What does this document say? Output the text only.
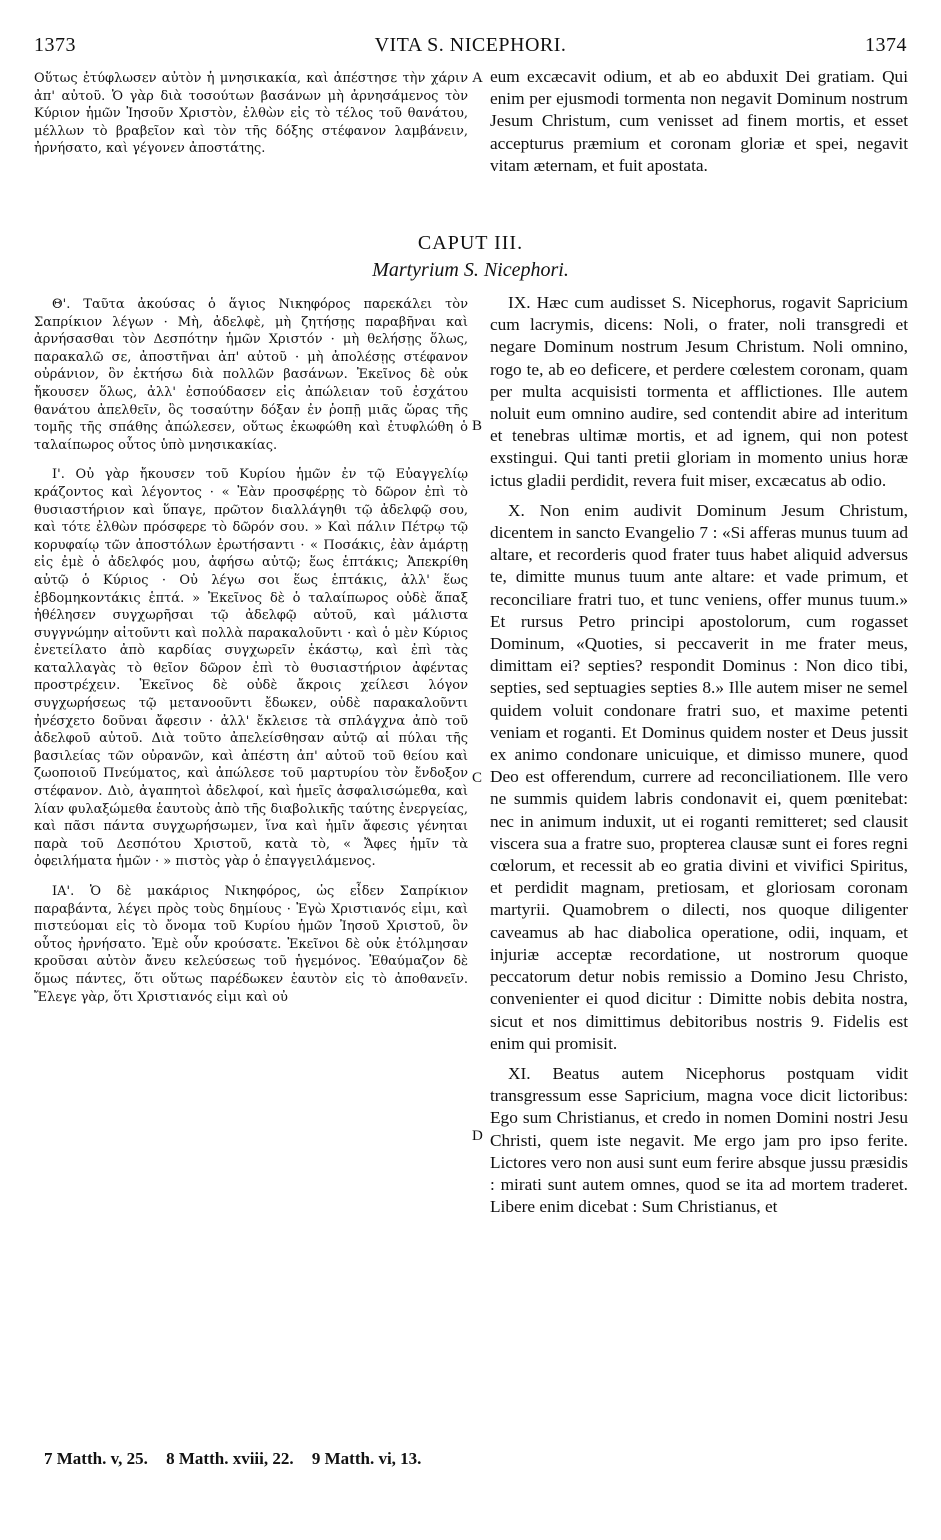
1373	VITA S. NICEPHORI.	1374

Οὕτως ἐτύφλωσεν αὐτὸν ἡ μνησικακία, καὶ ἀπέστησε τὴν χάριν ἀπ' αὐτοῦ. Ὁ γὰρ διὰ τοσούτων βασάνων μὴ ἀρνησάμενος τὸν Κύριον ἡμῶν Ἰησοῦν Χριστὸν, ἐλθὼν εἰς τὸ τέλος τοῦ θανάτου, μέλλων τὸ βραβεῖον καὶ τὸν τῆς δόξης στέφανον λαμβάνειν, ἠρνήσατο, καὶ γέγονεν ἀποστάτης.

eum excæcavit odium, et ab eo abduxit Dei gratiam. Qui enim per ejusmodi tormenta non negavit Dominum nostrum Jesum Christum, cum venisset ad finem mortis, et esset accepturus præmium et coronam gloriæ et spei, negavit vitam æternam, et fuit apostata.

CAPUT III.
Martyrium S. Nicephori.

Θ'. Ταῦτα ἀκούσας ὁ ἅγιος Νικηφόρος παρεκάλει τὸν Σαπρίκιον λέγων · Μὴ, ἀδελφὲ, μὴ ζητήσῃς παραβῆναι καὶ ἀρνήσασθαι τὸν Δεσπότην ἡμῶν Χριστόν · μὴ θελήσῃς ὅλως, παρακαλῶ σε, ἀποστῆναι ἀπ' αὐτοῦ · μὴ ἀπολέσῃς στέφανον οὐράνιον, ὃν ἐκτήσω διὰ πολλῶν βασάνων. Ἐκεῖνος δὲ οὐκ ἤκουσεν ὅλως, ἀλλ' ἐσπούδασεν εἰς ἀπώλειαν τοῦ ἐσχάτου θανάτου ἀπελθεῖν, ὃς τοσαύτην δόξαν ἐν ῥοπῇ μιᾶς ὥρας τῆς τομῆς τῆς σπάθης ἀπώλεσεν, οὕτως ἐκωφώθη καὶ ἐτυφλώθη ὁ ταλαίπωρος οὗτος ὑπὸ μνησικακίας.

Ι'. Οὐ γὰρ ἤκουσεν τοῦ Κυρίου ἡμῶν ἐν τῷ Εὐαγγελίῳ κράζοντος καὶ λέγοντος · « Ἐὰν προσφέρῃς τὸ δῶρον ἐπὶ τὸ θυσιαστήριον καὶ ὕπαγε, πρῶτον διαλλάγηθι τῷ ἀδελφῷ σου, καὶ τότε ἐλθὼν πρόσφερε τὸ δῶρόν σου. » Καὶ πάλιν Πέτρῳ τῷ κορυφαίῳ τῶν ἀποστόλων ἐρωτήσαντι · « Ποσάκις, ἐὰν ἁμάρτῃ εἰς ἐμὲ ὁ ἀδελφός μου, ἀφήσω αὐτῷ; ἕως ἑπτάκις; Ἀπεκρίθη αὐτῷ ὁ Κύριος · Οὐ λέγω σοι ἕως ἑπτάκις, ἀλλ' ἕως ἑβδομηκοντάκις ἑπτά. » Ἐκεῖνος δὲ ὁ ταλαίπωρος οὐδὲ ἅπαξ ἠθέλησεν συγχωρῆσαι τῷ ἀδελφῷ αὐτοῦ, καὶ μάλιστα συγγνώμην αἰτοῦντι καὶ πολλὰ παρακαλοῦντι · καὶ ὁ μὲν Κύριος ἐνετείλατο ἀπὸ καρδίας συγχωρεῖν ἑκάστῳ, καὶ ἐπὶ τὰς καταλλαγὰς τὸ θεῖον δῶρον ἐπὶ τὸ θυσιαστήριον ἀφέντας προστρέχειν. Ἐκεῖνος δὲ οὐδὲ ἄκροις χείλεσι λόγον συγχωρήσεως τῷ μετανοοῦντι ἔδωκεν, οὐδὲ παρακαλοῦντι ἠνέσχετο δοῦναι ἄφεσιν · ἀλλ' ἔκλεισε τὰ σπλάγχνα ἀπὸ τοῦ ἀδελφοῦ αὐτοῦ. Διὰ τοῦτο ἀπελείσθησαν αὐτῷ αἱ πύλαι τῆς βασιλείας τῶν οὐρανῶν, καὶ ἀπέστη ἀπ' αὐτοῦ τοῦ θείου καὶ ζωοποιοῦ Πνεύματος, καὶ ἀπώλεσε τοῦ μαρτυρίου τὸν ἔνδοξον στέφανον. Διὸ, ἀγαπητοὶ ἀδελφοί, καὶ ἡμεῖς ἀσφαλισώμεθα, καὶ λίαν φυλαξώμεθα ἑαυτοὺς ἀπὸ τῆς διαβολικῆς ταύτης ἐνεργείας, καὶ πᾶσι πάντα συγχωρήσωμεν, ἵνα καὶ ἡμῖν ἄφεσις γένηται παρὰ τοῦ Δεσπότου Χριστοῦ, κατὰ τὸ, « Ἄφες ἡμῖν τὰ ὀφειλήματα ἡμῶν · » πιστὸς γὰρ ὁ ἐπαγγειλάμενος.

ΙΑ'. Ὁ δὲ μακάριος Νικηφόρος, ὡς εἶδεν Σαπρίκιον παραβάντα, λέγει πρὸς τοὺς δημίους · Ἐγὼ Χριστιανός εἰμι, καὶ πιστεύομαι εἰς τὸ ὄνομα τοῦ Κυρίου ἡμῶν Ἰησοῦ Χριστοῦ, ὃν οὗτος ἠρνήσατο. Ἐμὲ οὖν κρούσατε. Ἐκεῖνοι δὲ οὐκ ἐτόλμησαν κροῦσαι αὐτὸν ἄνευ κελεύσεως τοῦ ἡγεμόνος. Ἐθαύμαζον δὲ ὅμως πάντες, ὅτι οὕτως παρέδωκεν ἑαυτὸν εἰς τὸ ἀποθανεῖν. Ἔλεγε γὰρ, ὅτι Χριστιανός εἰμι καὶ οὐ

IX. Hæc cum audisset S. Nicephorus, rogavit Sapricium cum lacrymis, dicens: Noli, o frater, noli transgredi et negare Dominum nostrum Jesum Christum. Noli omnino, rogo te, ab eo deficere, et perdere cœlestem coronam, quam per multa acquisisti tormenta et afflictiones. Ille autem noluit eum omnino audire, sed contendit abire ad interitum et tenebras ultimæ mortis, et ad ignem, qui non potest exstingui. Qui tanti pretii gloriam in momento unius horæ ictus gladii perdidit, revera fuit miser, excæcatus ab odio.

X. Non enim audivit Dominum Jesum Christum, dicentem in sancto Evangelio 7 : «Si afferas munus tuum ad altare, et recorderis quod frater tuus habet aliquid adversus te, dimitte munus tuum ante altare: et vade primum, et reconciliare fratri tuo, et tunc veniens, offer munus tuum.» Et rursus Petro principi apostolorum, cum rogasset Dominum, «Quoties, si peccaverit in me frater meus, dimittam ei? septies? respondit Dominus : Non dico tibi, septies, sed septuagies septies 8.» Ille autem miser ne semel quidem voluit condonare fratri suo, et maxime petenti veniam et roganti. Et Dominus quidem noster et Deus jussit ex animo condonare unicuique, et dimisso munere, quod Deo est offerendum, currere ad reconciliationem. Ille vero ne summis quidem labris condonavit ei, quem pœnitebat: nec in animum induxit, ut ei roganti remitteret; sed clausit viscera sua a fratre suo, propterea clausæ sunt ei fores regni cœlorum, et recessit ab eo gratia divini et vivifici Spiritus, et perdidit magnam, pretiosam, et gloriosam coronam martyrii. Quamobrem o dilecti, nos quoque diligenter caveamus ab hac diabolica operatione, odii, inquam, et injuriæ acceptæ recordatione, ut nostrorum quoque peccatorum detur nobis remissio a Domino Jesu Christo, convenienter ei quod dicitur : Dimitte nobis debita nostra, sicut et nos dimittimus debitoribus nostris 9. Fidelis est enim qui promisit.

XI. Beatus autem Nicephorus postquam vidit transgressum esse Sapricium, magna voce dicit lictoribus: Ego sum Christianus, et credo in nomen Domini nostri Jesu Christi, quem iste negavit. Me ergo jam pro ipso ferite. Lictores vero non ausi sunt eum ferire absque jussu præsidis : mirati sunt autem omnes, quod se ita ad mortem traderet. Libere enim dicebat : Sum Christianus, et

A
B
C
D
7 Matth. v, 25. 8 Matth. xviii, 22. 9 Matth. vi, 13.
